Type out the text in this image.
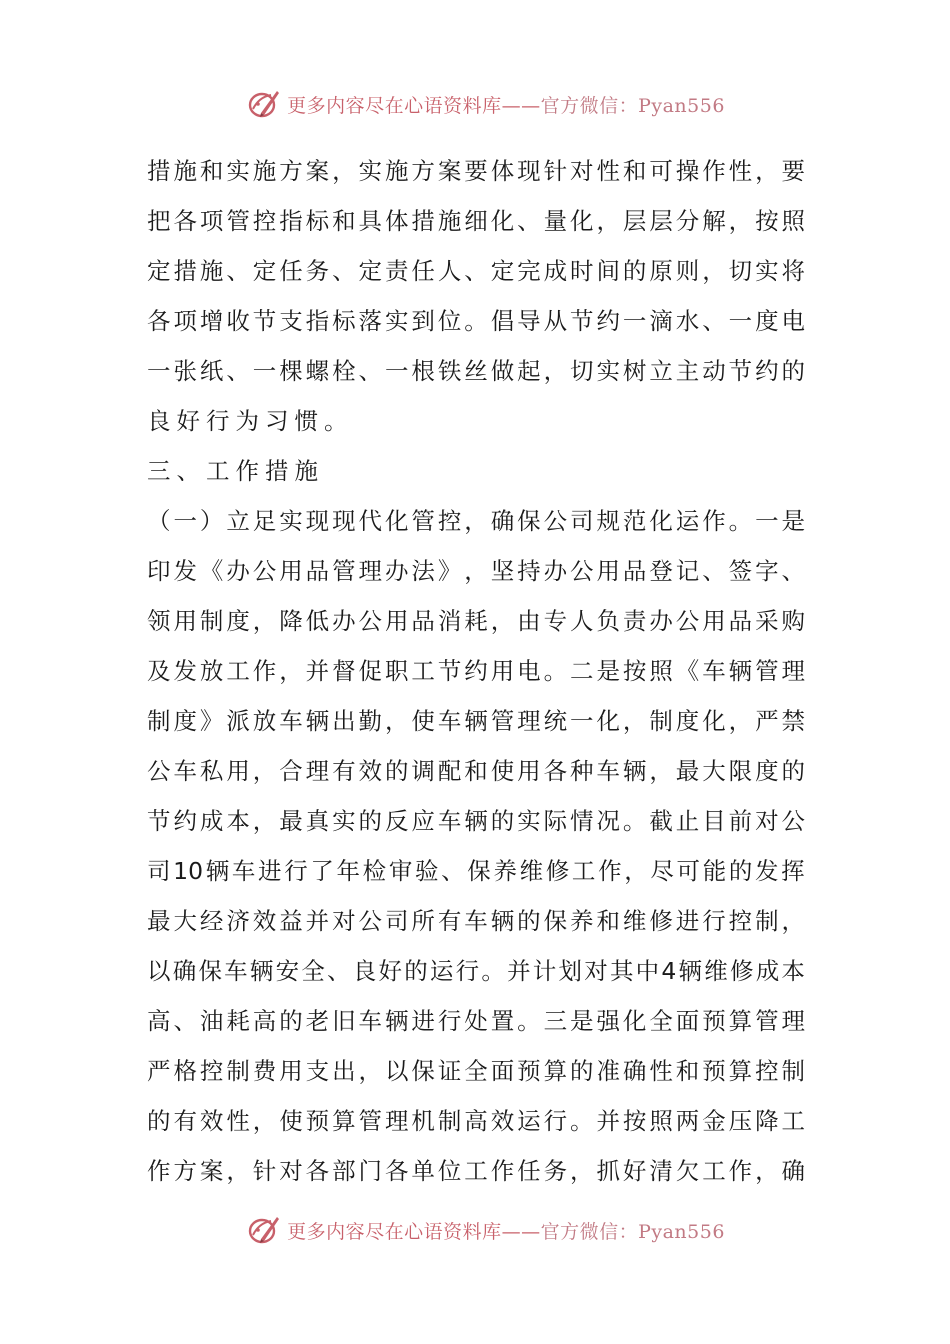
更多内容尽在心语资料库——官方微信：Pyan556
措 施 和 实 施 方 案 ， 实 施 方 案 要 体 现 针 对 性 和 可 操 作 性 ， 要
把 各 项 管 控 指 标 和 具 体 措 施 细 化 、 量 化 ， 层 层 分 解 ， 按 照
定 措 施 、 定 任 务 、 定 责 任 人 、 定 完 成 时 间 的 原 则 ， 切 实 将
各 项 增 收 节 支 指 标 落 实 到 位 。 倡 导 从 节 约 一 滴 水 、 一 度 电
一 张 纸 、 一 棵 螺 栓 、 一 根 铁 丝 做 起 ， 切 实 树 立 主 动 节 约 的
良好行为习惯。
三、工作措施
（ 一 ） 立 足 实 现 现 代 化 管 控 ， 确 保 公 司 规 范 化 运 作 。 一 是
印 发 《 办 公 用 品 管 理 办 法 》 ， 坚 持 办 公 用 品 登 记 、 签 字 、
领 用 制 度 ， 降 低 办 公 用 品 消 耗 ， 由 专 人 负 责 办 公 用 品 采 购
及 发 放 工 作 ， 并 督 促 职 工 节 约 用 电 。 二 是 按 照 《 车 辆 管 理
制 度 》 派 放 车 辆 出 勤 ， 使 车 辆 管 理 统 一 化 ， 制 度 化 ， 严 禁
公 车 私 用 ， 合 理 有 效 的 调 配 和 使 用 各 种 车 辆 ， 最 大 限 度 的
节 约 成 本 ， 最 真 实 的 反 应 车 辆 的 实 际 情 况 。 截 止 目 前 对 公
司 10 辆 车 进 行 了 年 检 审 验 、 保 养 维 修 工 作 ， 尽 可 能 的 发 挥
最 大 经 济 效 益 并 对 公 司 所 有 车 辆 的 保 养 和 维 修 进 行 控 制 ，
以 确 保 车 辆 安 全 、 良 好 的 运 行 。 并 计 划 对 其 中 4 辆 维 修 成 本
高 、 油 耗 高 的 老 旧 车 辆 进 行 处 置 。 三 是 强 化 全 面 预 算 管 理
严 格 控 制 费 用 支 出 ， 以 保 证 全 面 预 算 的 准 确 性 和 预 算 控 制
的 有 效 性 ， 使 预 算 管 理 机 制 高 效 运 行 。 并 按 照 两 金 压 降 工
作 方 案 ， 针 对 各 部 门 各 单 位 工 作 任 务 ， 抓 好 清 欠 工 作 ， 确
更多内容尽在心语资料库——官方微信：Pyan556
